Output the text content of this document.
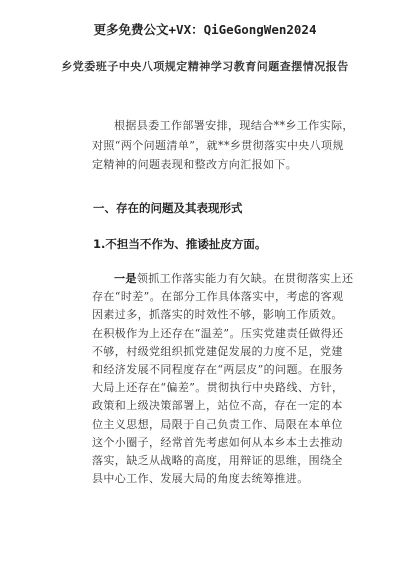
更多免费公文+VX：QiGeGongWen2024
乡党委班子中央八项规定精神学习教育问题查摆情况报告
根据县委工作部署安排，现结合**乡工作实际，对照“两个问题清单”，就**乡贯彻落实中央八项规定精神的问题表现和整改方向汇报如下。
一、存在的问题及其表现形式
1.不担当不作为、推诿扯皮方面。
一是领抓工作落实能力有欠缺。在贯彻落实上还存在“时差”。在部分工作具体落实中，考虑的客观因素过多，抓落实的时效性不够，影响工作质效。在积极作为上还存在“温差”。压实党建责任做得还不够，村级党组织抓党建促发展的力度不足，党建和经济发展不同程度存在“两层皮”的问题。在服务大局上还存在“偏差”。贯彻执行中央路线、方针，政策和上级决策部署上，站位不高，存在一定的本位主义思想，局限于自己负责工作、局限在本单位这个小圈子，经常首先考虑如何从本乡本土去推动落实，缺乏从战略的高度，用辩证的思维，围绕全县中心工作、发展大局的角度去统筹推进。
